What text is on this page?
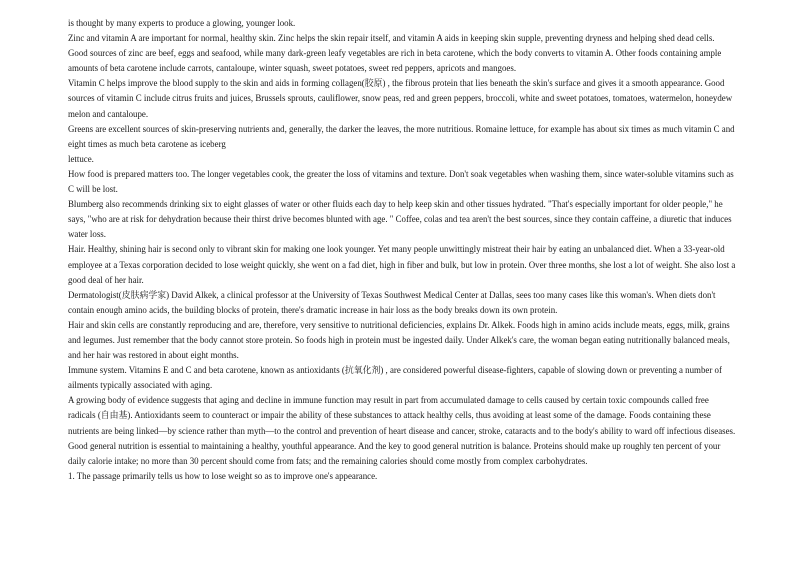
is thought by many experts to produce a glowing, younger look.

Zinc and vitamin A are important for normal, healthy skin. Zinc helps the skin repair itself, and vitamin A aids in keeping skin supple, preventing dryness and helping shed dead cells. Good sources of zinc are beef, eggs and seafood, while many dark-green leafy vegetables are rich in beta carotene, which the body converts to vitamin A. Other foods containing ample amounts of beta carotene include carrots, cantaloupe, winter squash, sweet potatoes, sweet red peppers, apricots and mangoes.

Vitamin C helps improve the blood supply to the skin and aids in forming collagen(胶原) , the fibrous protein that lies beneath the skin's surface and gives it a smooth appearance. Good sources of vitamin C include citrus fruits and juices, Brussels sprouts, cauliflower, snow peas, red and green peppers, broccoli, white and sweet potatoes, tomatoes, watermelon, honeydew melon and cantaloupe.

Greens are excellent sources of skin-preserving nutrients and, generally, the darker the leaves, the more nutritious. Romaine lettuce, for example has about six times as much vitamin C and eight times as much beta carotene as iceberg

lettuce.

How food is prepared matters too. The longer vegetables cook, the greater the loss of vitamins and texture. Don't soak vegetables when washing them, since water-soluble vitamins such as C will be lost.

Blumberg also recommends drinking six to eight glasses of water or other fluids each day to help keep skin and other tissues hydrated. "That's especially important for older people," he says, "who are at risk for dehydration because their thirst drive becomes blunted with age. " Coffee, colas and tea aren't the best sources, since they contain caffeine, a diuretic that induces water loss.

Hair. Healthy, shining hair is second only to vibrant skin for making one look younger. Yet many people unwittingly mistreat their hair by eating an unbalanced diet. When a 33-year-old employee at a Texas corporation decided to lose weight quickly, she went on a fad diet, high in fiber and bulk, but low in protein. Over three months, she lost a lot of weight. She also lost a good deal of her hair.

Dermatologist(皮肤病学家) David Alkek, a clinical professor at the University of Texas Southwest Medical Center at Dallas, sees too many cases like this woman's. When diets don't contain enough amino acids, the building blocks of protein, there's dramatic increase in hair loss as the body breaks down its own protein.

Hair and skin cells are constantly reproducing and are, therefore, very sensitive to nutritional deficiencies, explains Dr. Alkek. Foods high in amino acids include meats, eggs, milk, grains and legumes. Just remember that the body cannot store protein. So foods high in protein must be ingested daily. Under Alkek's care, the woman began eating nutritionally balanced meals, and her hair was restored in about eight months.

Immune system. Vitamins E and C and beta carotene, known as antioxidants (抗氧化剂) , are considered powerful disease-fighters, capable of slowing down or preventing a number of ailments typically associated with aging.

A growing body of evidence suggests that aging and decline in immune function may result in part from accumulated damage to cells caused by certain toxic compounds called free radicals (自由基). Antioxidants seem to counteract or impair the ability of these substances to attack healthy cells, thus avoiding at least some of the damage. Foods containing these nutrients are being linked—by science rather than myth—to the control and prevention of heart disease and cancer, stroke, cataracts and to the body's ability to ward off infectious diseases.

Good general nutrition is essential to maintaining a healthy, youthful appearance. And the key to good general nutrition is balance. Proteins should make up roughly ten percent of your daily calorie intake; no more than 30 percent should come from fats; and the remaining calories should come mostly from complex carbohydrates.

1. The passage primarily tells us how to lose weight so as to improve one's appearance.
